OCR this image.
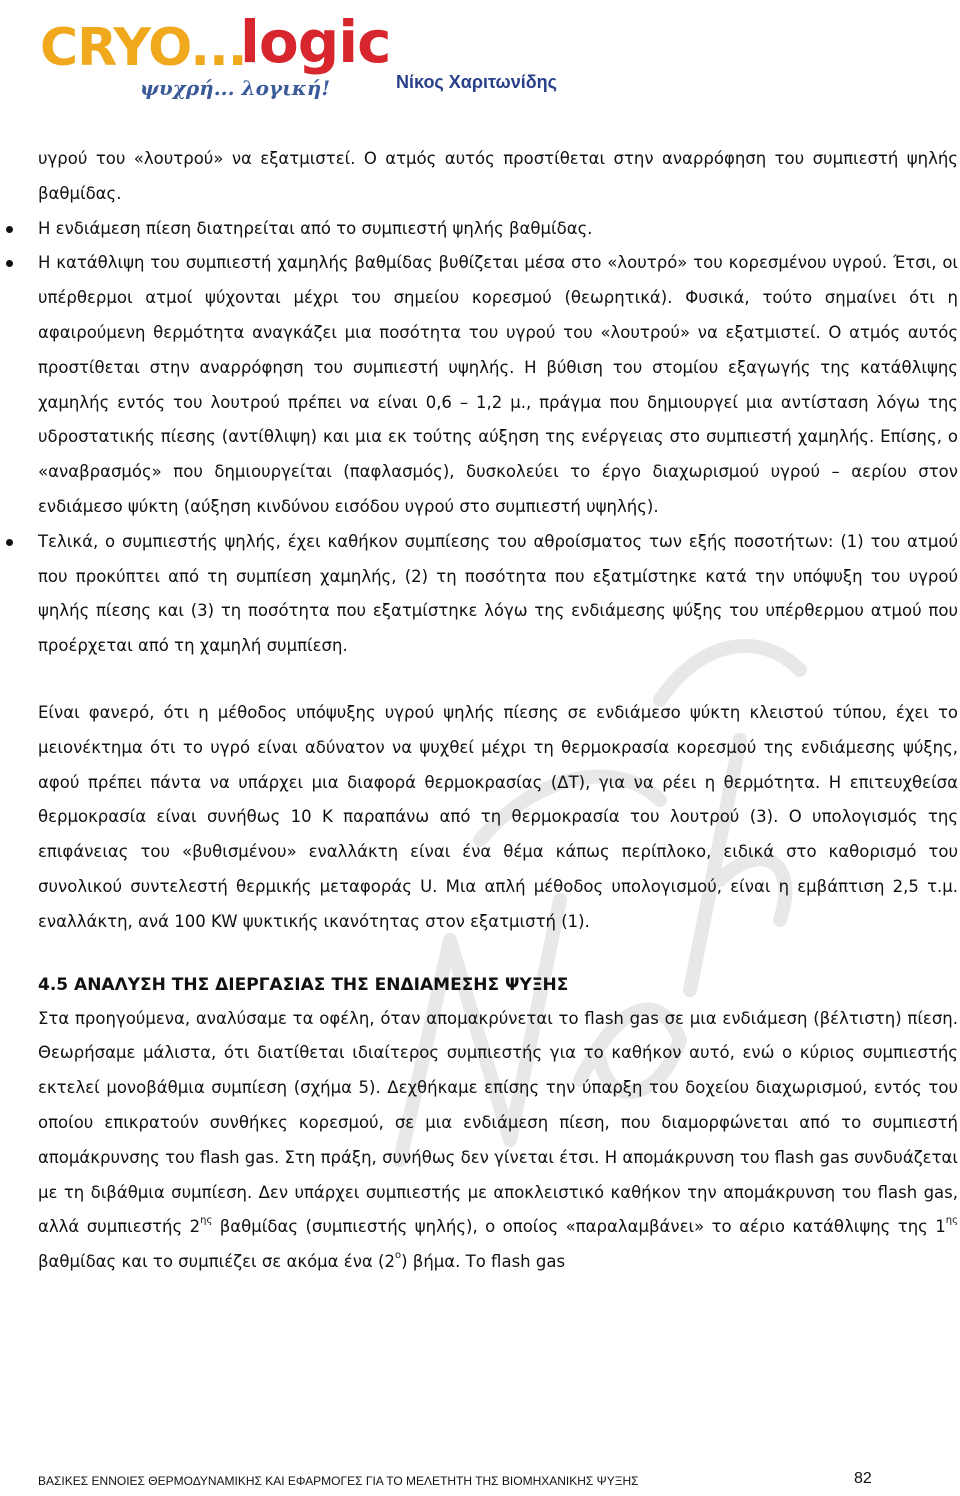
CRYO...
logic
ψυχρή... λογική!	Νίκος Χαριτωνίδης

υγρού του «λουτρού» να εξατμιστεί. Ο ατμός αυτός προστίθεται στην αναρρόφηση του συμπιεστή ψηλής βαθμίδας.

Η ενδιάμεση πίεση διατηρείται από το συμπιεστή ψηλής βαθμίδας.

Η κατάθλιψη του συμπιεστή χαμηλής βαθμίδας βυθίζεται μέσα στο «λουτρό» του κορεσμένου υγρού. Έτσι, οι υπέρθερμοι ατμοί ψύχονται μέχρι του σημείου κορεσμού (θεωρητικά). Φυσικά, τούτο σημαίνει ότι η αφαιρούμενη θερμότητα αναγκάζει μια ποσότητα του υγρού του «λουτρού» να εξατμιστεί. Ο ατμός αυτός προστίθεται στην αναρρόφηση του συμπιεστή υψηλής. Η βύθιση του στομίου εξαγωγής της κατάθλιψης χαμηλής εντός του λουτρού πρέπει να είναι 0,6 – 1,2 μ., πράγμα που δημιουργεί μια αντίσταση λόγω της υδροστατικής πίεσης (αντίθλιψη) και μια εκ τούτης αύξηση της ενέργειας στο συμπιεστή χαμηλής. Επίσης, ο «αναβρασμός» που δημιουργείται (παφλασμός), δυσκολεύει το έργο διαχωρισμού υγρού – αερίου στον ενδιάμεσο ψύκτη (αύξηση κινδύνου εισόδου υγρού στο συμπιεστή υψηλής).

Τελικά, ο συμπιεστής ψηλής, έχει καθήκον συμπίεσης του αθροίσματος των εξής ποσοτήτων: (1) του ατμού που προκύπτει από τη συμπίεση χαμηλής, (2) τη ποσότητα που εξατμίστηκε κατά την υπόψυξη του υγρού ψηλής πίεσης και (3) τη ποσότητα που εξατμίστηκε λόγω της ενδιάμεσης ψύξης του υπέρθερμου ατμού που προέρχεται από τη χαμηλή συμπίεση.

Είναι φανερό, ότι η μέθοδος υπόψυξης υγρού ψηλής πίεσης σε ενδιάμεσο ψύκτη κλειστού τύπου, έχει το μειονέκτημα ότι το υγρό είναι αδύνατον να ψυχθεί μέχρι τη θερμοκρασία κορεσμού της ενδιάμεσης ψύξης, αφού πρέπει πάντα να υπάρχει μια διαφορά θερμοκρασίας (ΔΤ), για να ρέει η θερμότητα. Η επιτευχθείσα θερμοκρασία είναι συνήθως 10 Κ παραπάνω από τη θερμοκρασία του λουτρού (3). Ο υπολογισμός της επιφάνειας του «βυθισμένου» εναλλάκτη είναι ένα θέμα κάπως περίπλοκο, ειδικά στο καθορισμό του συνολικού συντελεστή θερμικής μεταφοράς U. Μια απλή μέθοδος υπολογισμού, είναι η εμβάπτιση 2,5 τ.μ. εναλλάκτη, ανά 100 KW ψυκτικής ικανότητας στον εξατμιστή (1).

4.5 ΑΝΑΛΥΣΗ ΤΗΣ ΔΙΕΡΓΑΣΙΑΣ ΤΗΣ ΕΝΔΙΑΜΕΣΗΣ ΨΥΞΗΣ

Στα προηγούμενα, αναλύσαμε τα οφέλη, όταν απομακρύνεται το flash gas σε μια ενδιάμεση (βέλτιστη) πίεση. Θεωρήσαμε μάλιστα, ότι διατίθεται ιδιαίτερος συμπιεστής για το καθήκον αυτό, ενώ ο κύριος συμπιεστής εκτελεί μονοβάθμια συμπίεση (σχήμα 5). Δεχθήκαμε επίσης την ύπαρξη του δοχείου διαχωρισμού, εντός του οποίου επικρατούν συνθήκες κορεσμού, σε μια ενδιάμεση πίεση, που διαμορφώνεται από το συμπιεστή απομάκρυνσης του flash gas. Στη πράξη, συνήθως δεν γίνεται έτσι. Η απομάκρυνση του flash gas συνδυάζεται με τη διβάθμια συμπίεση. Δεν υπάρχει συμπιεστής με αποκλειστικό καθήκον την απομάκρυνση του flash gas, αλλά συμπιεστής $2^{\eta\varsigma}$ βαθμίδας (συμπιεστής ψηλής), ο οποίος «παραλαμβάνει» το αέριο κατάθλιψης της $1^{\eta\varsigma}$ βαθμίδας και το συμπιέζει σε ακόμα ένα $(2^o)$ βήμα. Το flash gas

ΒΑΣΙΚΕΣ ΕΝΝΟΙΕΣ ΘΕΡΜΟΔΥΝΑΜΙΚΗΣ ΚΑΙ ΕΦΑΡΜΟΓΕΣ ΓΙΑ ΤΟ ΜΕΛΕΤΗΤΗ ΤΗΣ ΒΙΟΜΗΧΑΝΙΚΗΣ ΨΥΞΗΣ	82
